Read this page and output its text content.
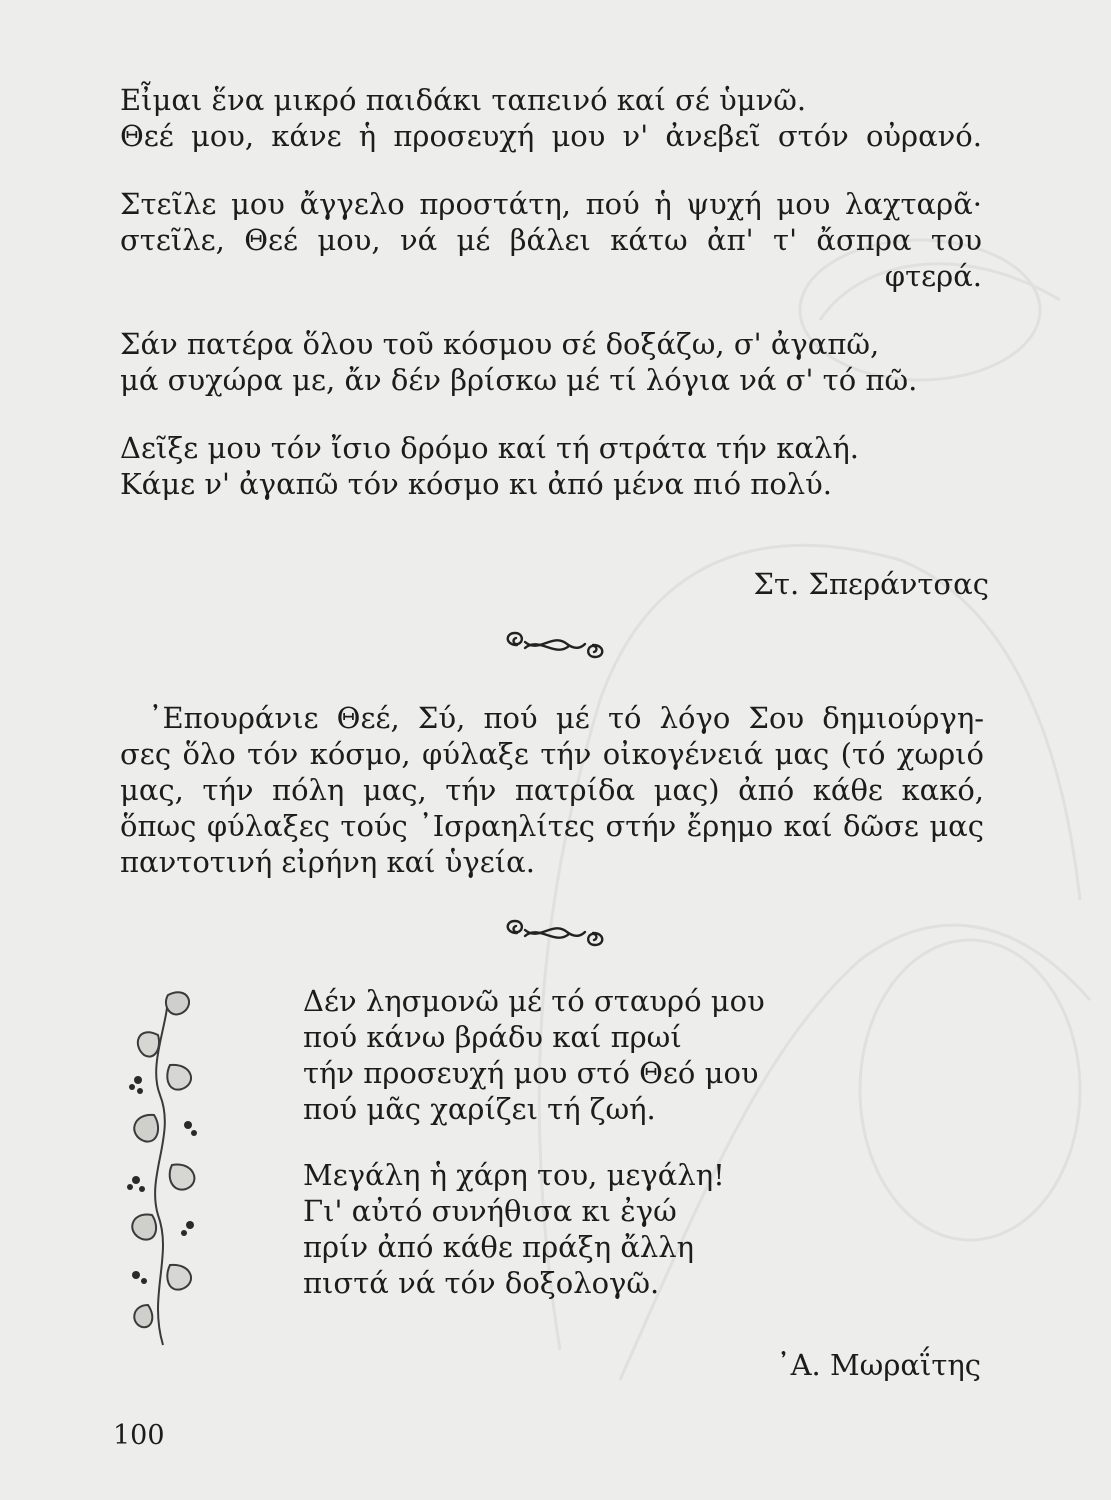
Εἶμαι ἕνα μικρό παιδάκι ταπεινό καί σέ ὑμνῶ.
Θεέ μου, κάνε ἡ προσευχή μου ν' ἀνεβεῖ στόν οὐρανό.
Στεῖλε μου ἄγγελο προστάτη, πού ἡ ψυχή μου λαχταρᾶ·
στεῖλε, Θεέ μου, νά μέ βάλει κάτω ἀπ' τ' ἄσπρα του
φτερά.
Σάν πατέρα ὅλου τοῦ κόσμου σέ δοξάζω, σ' ἀγαπῶ,
μά συχώρα με, ἄν δέν βρίσκω μέ τί λόγια νά σ' τό πῶ.
Δεῖξε μου τόν ἴσιο δρόμο καί τή στράτα τήν καλή.
Κάμε ν' ἀγαπῶ τόν κόσμο κι ἀπό μένα πιό πολύ.
Στ. Σπεράντσας
᾿Επουράνιε Θεέ, Σύ, πού μέ τό λόγο Σου δημιούργη-
σες ὅλο τόν κόσμο, φύλαξε τήν οἰκογένειά μας (τό χωριό
μας, τήν πόλη μας, τήν πατρίδα μας) ἀπό κάθε κακό,
ὅπως φύλαξες τούς ᾿Ισραηλίτες στήν ἔρημο καί δῶσε μας
παντοτινή εἰρήνη καί ὑγεία.
Δέν λησμονῶ μέ τό σταυρό μου
πού κάνω βράδυ καί πρωί
τήν προσευχή μου στό Θεό μου
πού μᾶς χαρίζει τή ζωή.
Μεγάλη ἡ χάρη του, μεγάλη!
Γι' αὐτό συνήθισα κι ἐγώ
πρίν ἀπό κάθε πράξη ἄλλη
πιστά νά τόν δοξολογῶ.
᾿Α. Μωραΐτης
100
